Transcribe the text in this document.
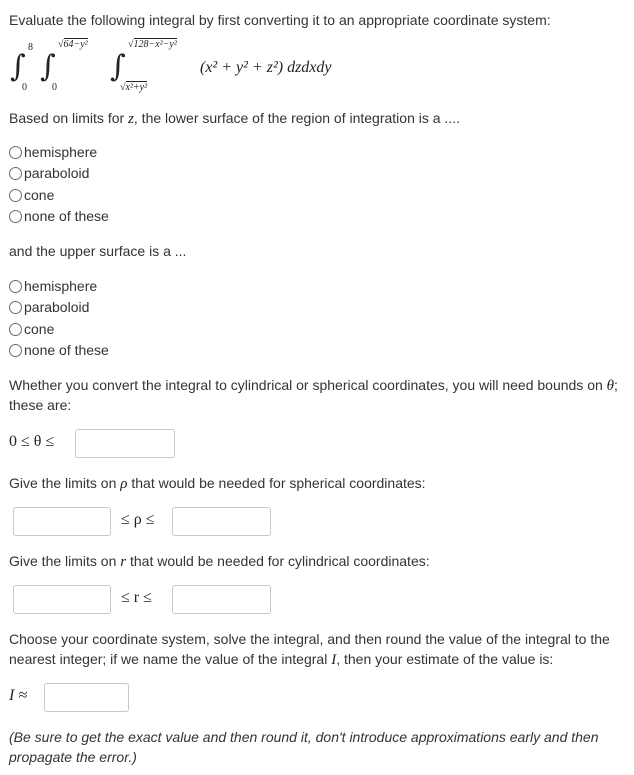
Evaluate the following integral by first converting it to an appropriate coordinate system:
∫
8
0
∫
√64−y²
0
∫
√128−x²−y²
√x²+y²
(x² + y² + z²) dzdxdy
Based on limits for z, the lower surface of the region of integration is a ....
hemisphere
paraboloid
cone
none of these
and the upper surface is a ...
hemisphere
paraboloid
cone
none of these
Whether you convert the integral to cylindrical or spherical coordinates, you will need bounds on θ;
these are:
0 ≤ θ ≤
Give the limits on ρ that would be needed for spherical coordinates:
≤ ρ ≤
Give the limits on r that would be needed for cylindrical coordinates:
≤ r ≤
Choose your coordinate system, solve the integral, and then round the value of the integral to the
nearest integer; if we name the value of the integral I, then your estimate of the value is:
I ≈
(Be sure to get the exact value and then round it, don't introduce approximations early and then
propagate the error.)
